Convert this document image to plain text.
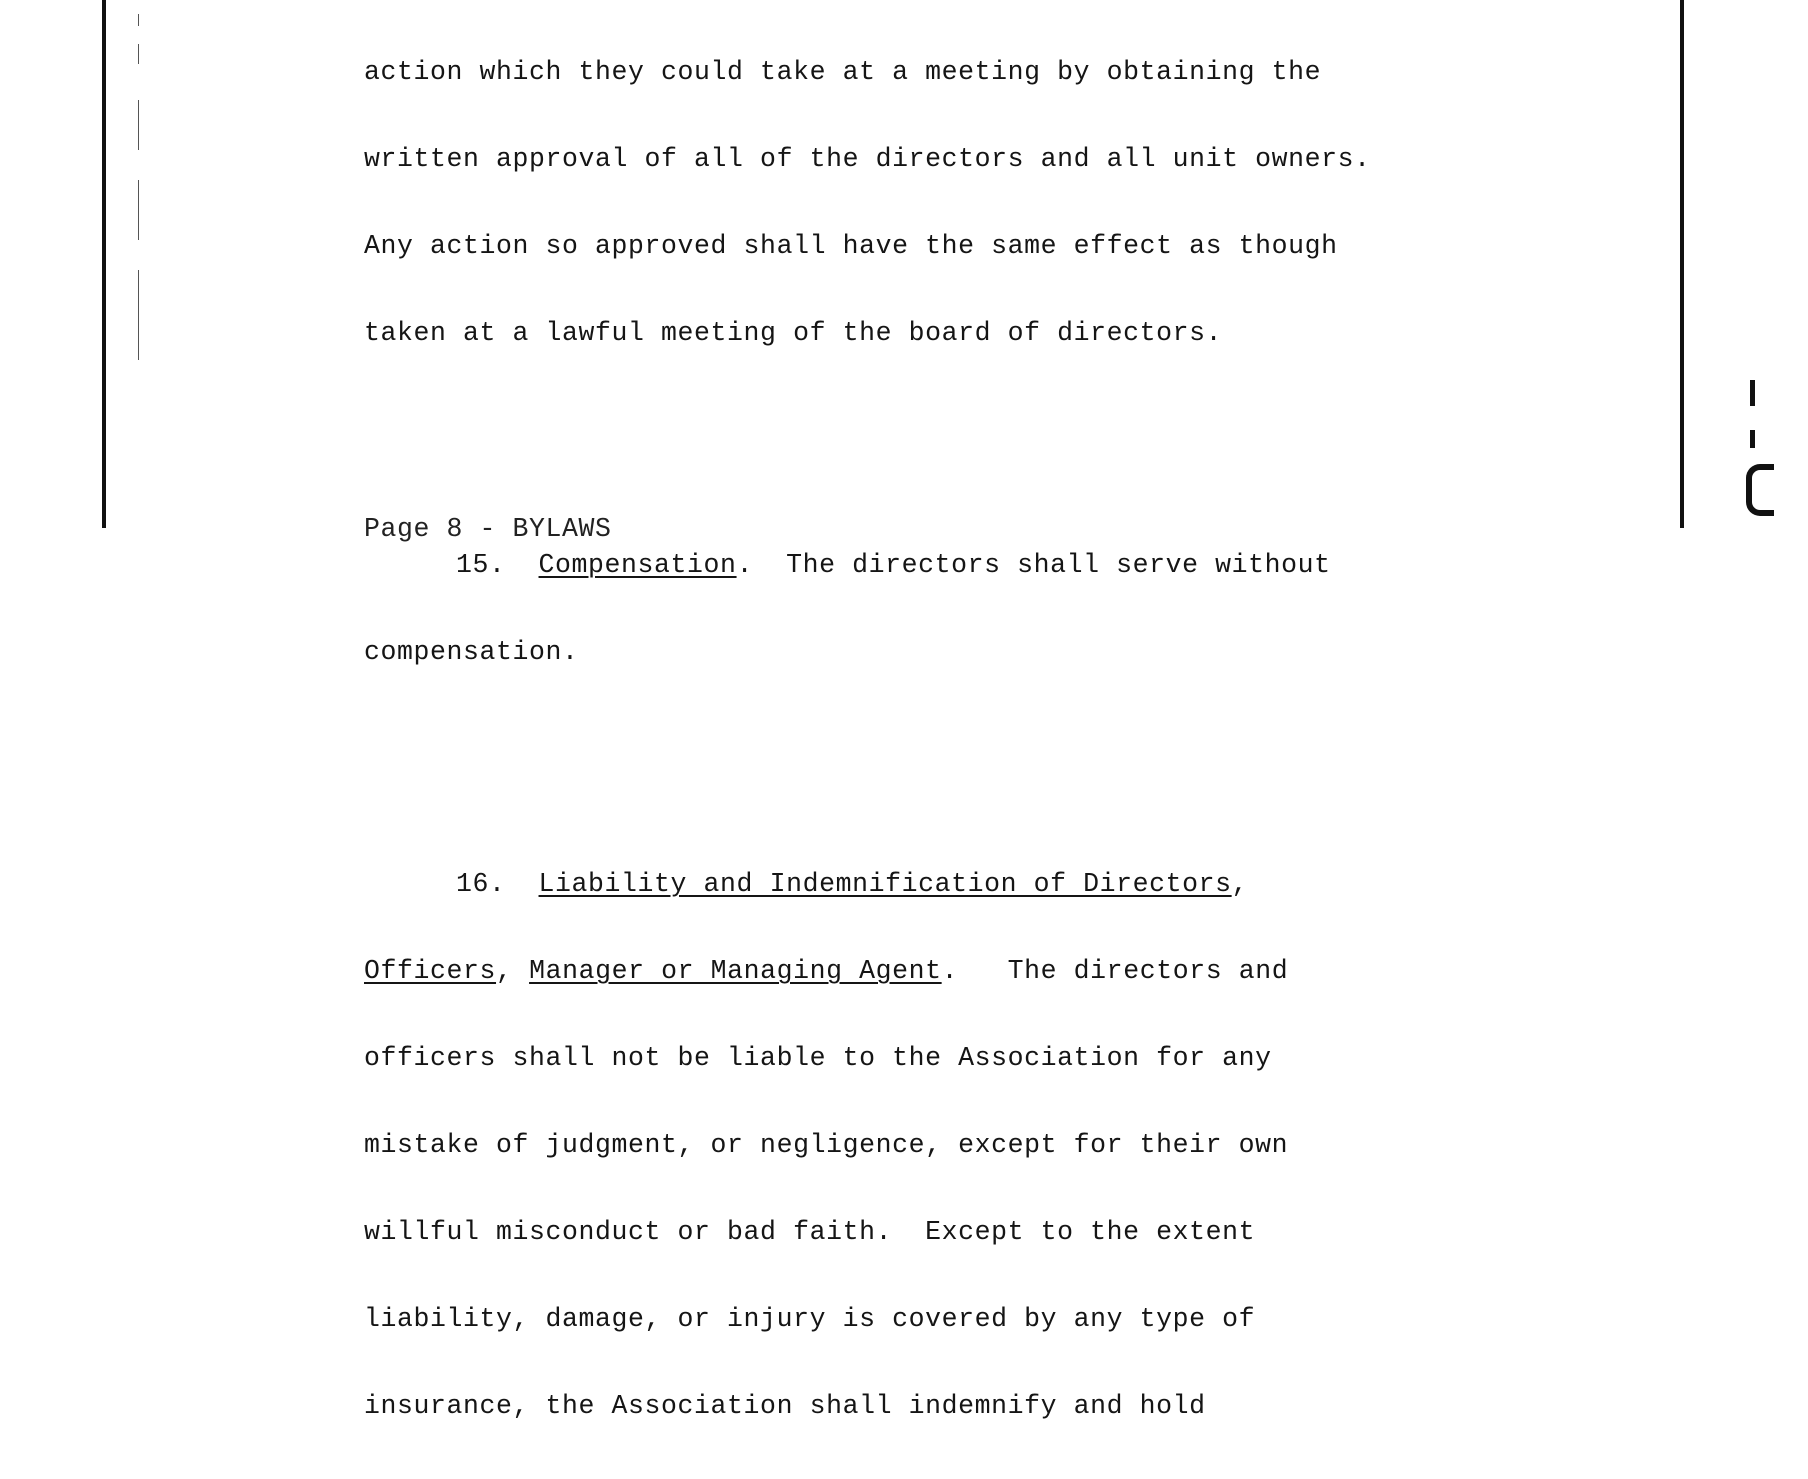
action which they could take at a meeting by obtaining the

written approval of all of the directors and all unit owners.

Any action so approved shall have the same effect as though

taken at a lawful meeting of the board of directors.

15. Compensation. The directors shall serve without

compensation.

16. Liability and Indemnification of Directors,

Officers, Manager or Managing Agent. The directors and

officers shall not be liable to the Association for any

mistake of judgment, or negligence, except for their own

willful misconduct or bad faith.  Except to the extent

liability, damage, or injury is covered by any type of

insurance, the Association shall indemnify and hold

Page 8 - BYLAWS
